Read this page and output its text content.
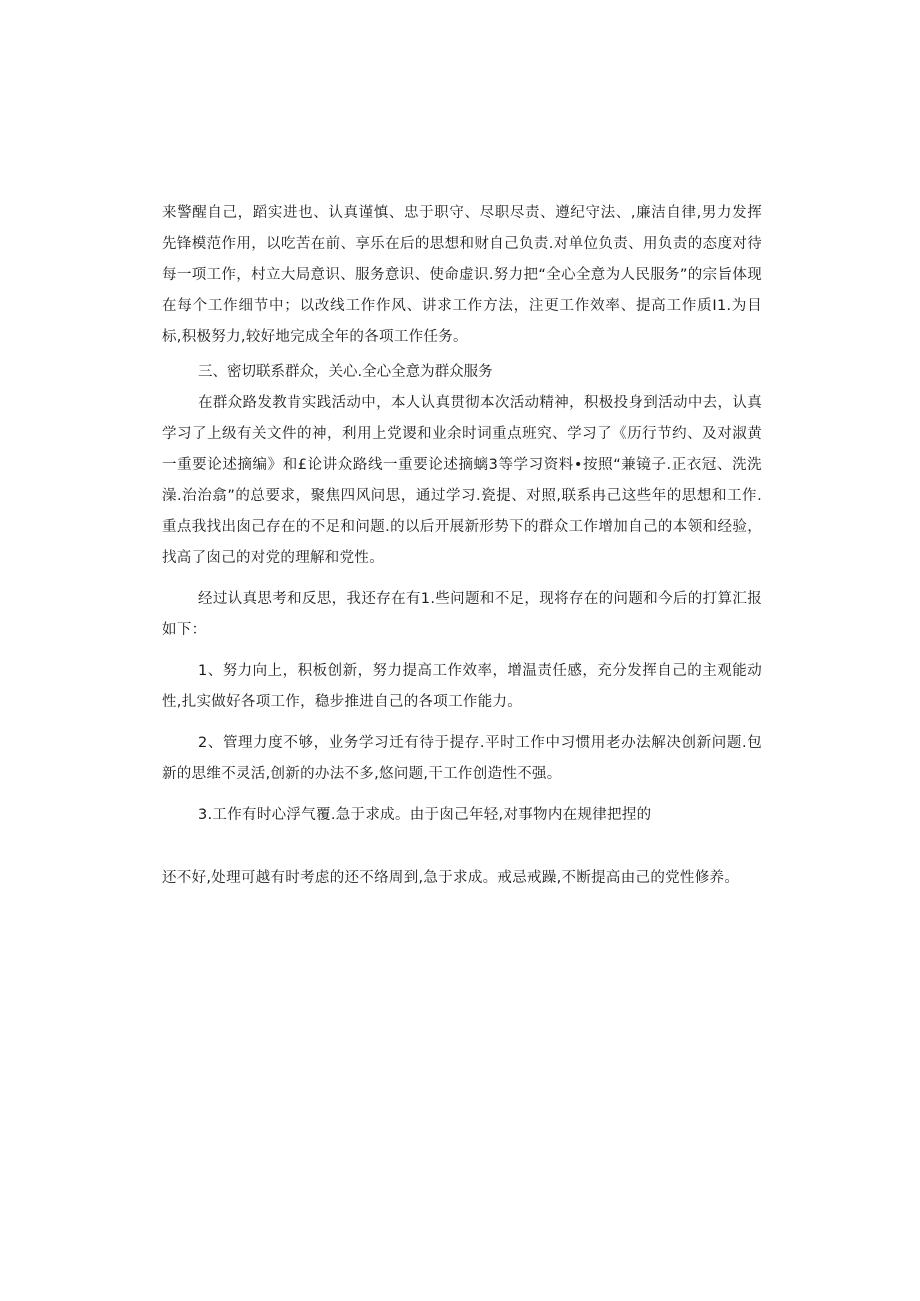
来警醒自己，蹈实进也、认真谨慎、忠于职守、尽职尽责、遵纪守法、,廉洁自律,男力发挥先锋模范作用，以吃苦在前、享乐在后的思想和财自己负责.对单位负责、用负责的态度对待每一项工作，村立大局意识、服务意识、使命虚识.努力把“全心全意为人民服务”的宗旨体现在每个工作细节中；以改线工作作风、讲求工作方法，注更工作效率、提高工作质I1.为目标,积极努力,较好地完成全年的各项工作任务。

三、密切联系群众，关心.全心全意为群众服务

在群众路发教肯实践活动中，本人认真贯彻本次活动精神，积极投身到活动中去，认真学习了上级有关文件的神，利用上党谡和业余时词重点班究、学习了《历行节约、及对淑黄一重要论述摘编》和£论讲众路线一重要论述摘螭3等学习资料•按照“兼镜子.正衣冠、洗洗澡.治治翕”的总要求，聚焦四风问思，通过学习.瓷提、对照,联系冉己这些年的思想和工作.重点我找出囱己存在的不足和问题.的以后开展新形势下的群众工作增加自己的本领和经验，找高了囱己的对党的理解和党性。

经过认真思考和反思，我还存在有1.些问题和不足，现将存在的问题和今后的打算汇报如下：

1、努力向上，积板创新，努力提高工作效率，增温责任感，充分发挥自己的主观能动性,扎实做好各项工作，稳步推进自己的各项工作能力。

2、管理力度不够，业务学习迁有待于提存.平时工作中习惯用老办法解决创新问题.包新的思维不灵活,创新的办法不多,悠问题,干工作创造性不强。

3.工作有时心浮气覆.急于求成。由于囱己年轻,对事物内在规律把捏的

还不好,处理可越有时考虑的还不络周到,急于求成。戒忌戒躁,不断提高由己的党性修养。
